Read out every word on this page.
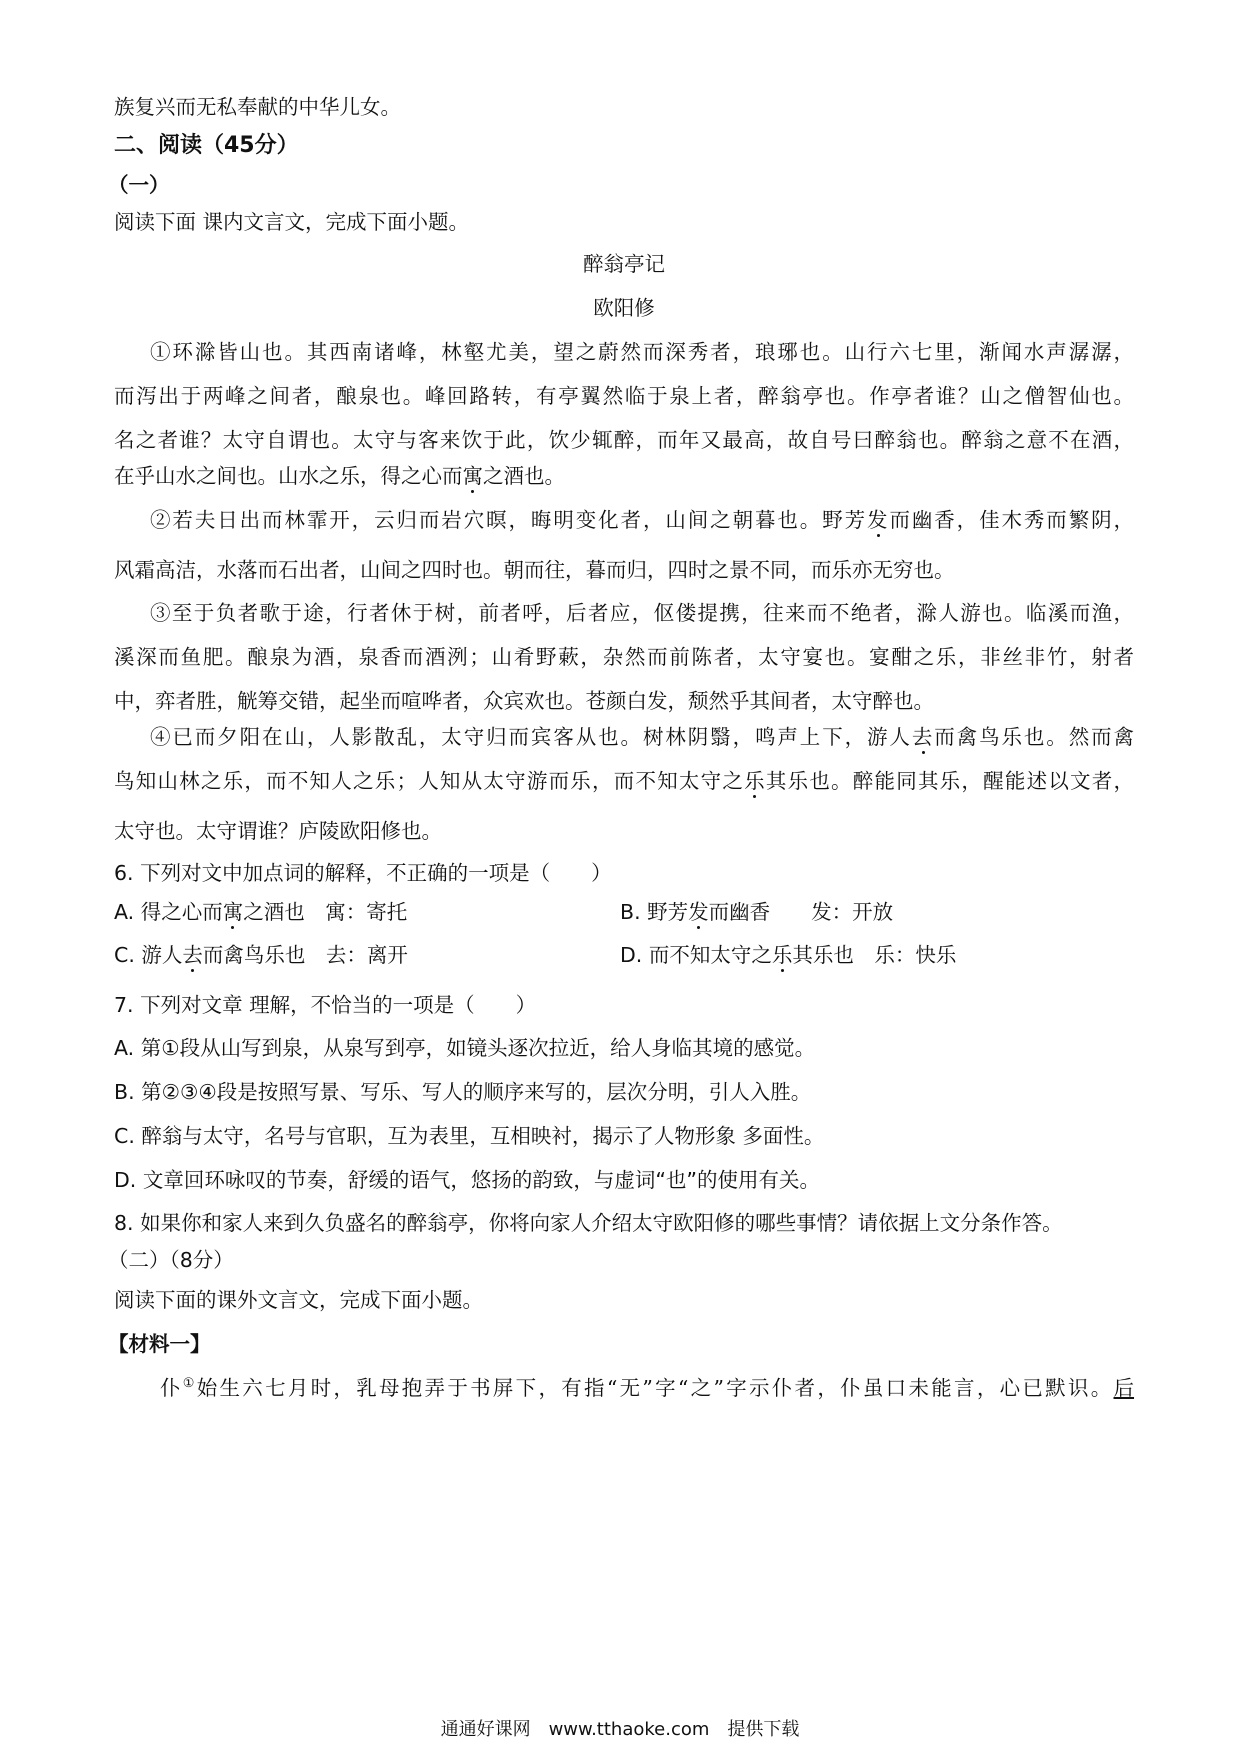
族复兴而无私奉献的中华儿女。
二、阅读（45分）
（一）
阅读下面 课内文言文，完成下面小题。
醉翁亭记
欧阳修
①环滁皆山也。其西南诸峰，林壑尤美，望之蔚然而深秀者，琅琊也。山行六七里，渐闻水声潺潺，
而泻出于两峰之间者，酿泉也。峰回路转，有亭翼然临于泉上者，醉翁亭也。作亭者谁？山之僧智仙也。
名之者谁？太守自谓也。太守与客来饮于此，饮少辄醉，而年又最高，故自号曰醉翁也。醉翁之意不在酒，
在乎山水之间也。山水之乐，得之心而寓之酒也。
②若夫日出而林霏开，云归而岩穴暝，晦明变化者，山间之朝暮也。野芳发而幽香，佳木秀而繁阴，
风霜高洁，水落而石出者，山间之四时也。朝而往，暮而归，四时之景不同，而乐亦无穷也。
③至于负者歌于途，行者休于树，前者呼，后者应，伛偻提携，往来而不绝者，滁人游也。临溪而渔，
溪深而鱼肥。酿泉为酒，泉香而酒洌；山肴野蔌，杂然而前陈者，太守宴也。宴酣之乐，非丝非竹，射者
中，弈者胜，觥筹交错，起坐而喧哗者，众宾欢也。苍颜白发，颓然乎其间者，太守醉也。
④已而夕阳在山，人影散乱，太守归而宾客从也。树林阴翳，鸣声上下，游人去而禽鸟乐也。然而禽
鸟知山林之乐，而不知人之乐；人知从太守游而乐，而不知太守之乐其乐也。醉能同其乐，醒能述以文者，
太守也。太守谓谁？庐陵欧阳修也。
6. 下列对文中加点词的解释，不正确的一项是（　　）
A. 得之心而寓之酒也　寓：寄托	B. 野芳发而幽香　　发：开放
C. 游人去而禽鸟乐也　去：离开	D. 而不知太守之乐其乐也　乐：快乐
7. 下列对文章 理解，不恰当的一项是（　　）
A. 第①段从山写到泉，从泉写到亭，如镜头逐次拉近，给人身临其境的感觉。
B. 第②③④段是按照写景、写乐、写人的顺序来写的，层次分明，引人入胜。
C. 醉翁与太守，名号与官职，互为表里，互相映衬，揭示了人物形象 多面性。
D. 文章回环咏叹的节奏，舒缓的语气，悠扬的韵致，与虚词“也”的使用有关。
8. 如果你和家人来到久负盛名的醉翁亭，你将向家人介绍太守欧阳修的哪些事情？请依据上文分条作答。
（二）（8分）
阅读下面的课外文言文，完成下面小题。
【材料一】
仆①始生六七月时，乳母抱弄于书屏下，有指“无”字“之”字示仆者，仆虽口未能言，心已默识。后
通通好课网　www.tthaoke.com　提供下载
